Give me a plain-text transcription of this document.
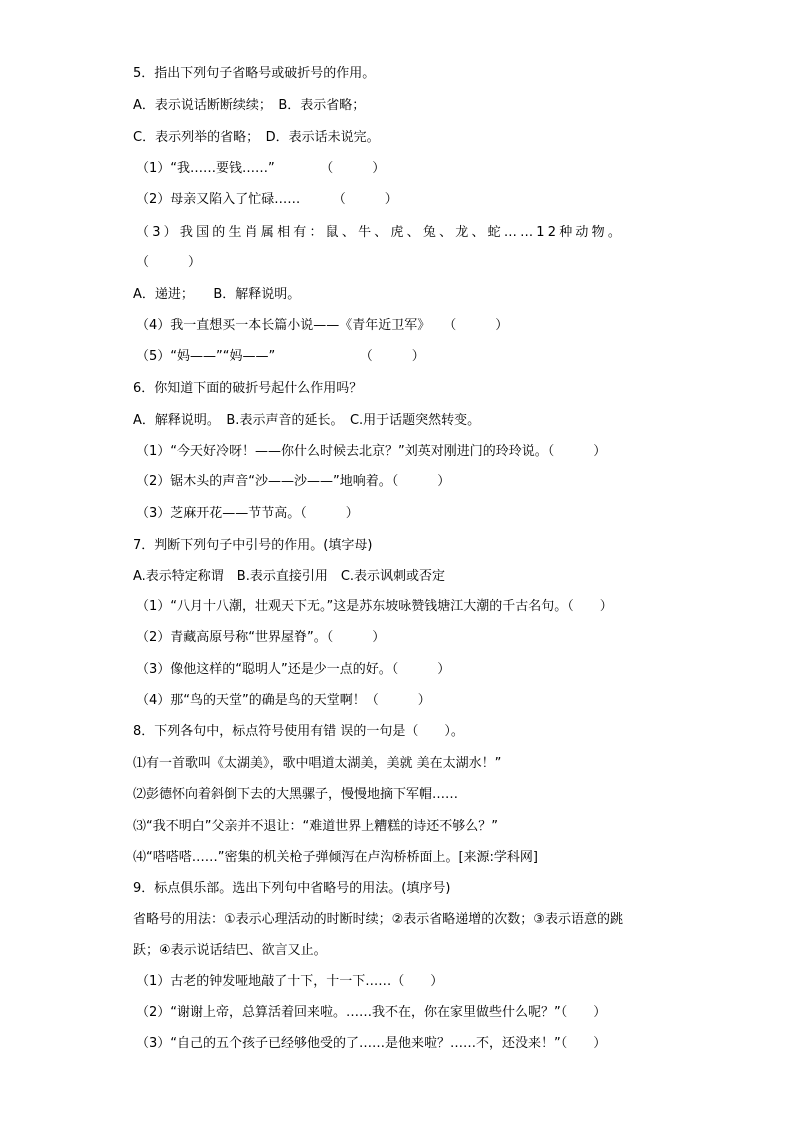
5．指出下列句子省略号或破折号的作用。
A．表示说话断断续续；　B．表示省略；
C．表示列举的省略；　D．表示话未说完。
（1）“我……要钱……”　　　　（　　　）
（2）母亲又陷入了忙碌……　　　（　　　）
（3）我国的生肖属相有：鼠、牛、虎、兔、龙、蛇……12种动物。
（　　　）
A．递进；　　B．解释说明。
（4）我一直想买一本长篇小说——《青年近卫军》　　（　　　）
（5）“妈——”“妈——”　　　　　　　（　　　）
6．你知道下面的破折号起什么作用吗？
A．解释说明。　B.表示声音的延长。　C.用于话题突然转变。
（1）“今天好冷呀！——你什么时候去北京？”刘英对刚进门的玲玲说。（　　　）
（2）锯木头的声音“沙——沙——”地响着。（　　　）
（3）芝麻开花——节节高。（　　　）
7．判断下列句子中引号的作用。(填字母)
A.表示特定称谓　B.表示直接引用　C.表示讽刺或否定
（1）“八月十八潮，壮观天下无。”这是苏东坡咏赞钱塘江大潮的千古名句。（　　）
（2）青藏高原号称“世界屋脊”。（　　　）
（3）像他这样的“聪明人”还是少一点的好。（　　　）
（4）那“鸟的天堂”的确是鸟的天堂啊！（　　　）
8．下列各句中，标点符号使用有错 误的一句是（　　）。
⑴有一首歌叫《太湖美》，歌中唱道太湖美，美就 美在太湖水！”
⑵彭德怀向着斜倒下去的大黑骡子，慢慢地摘下军帽……
⑶“我不明白”父亲并不退让：“难道世界上糟糕的诗还不够么？”
⑷“嗒嗒嗒……”密集的机关枪子弹倾泻在卢沟桥桥面上。[来源:学科网]
9．标点俱乐部。选出下列句中省略号的用法。(填序号)
省略号的用法：①表示心理活动的时断时续；②表示省略递增的次数；③表示语意的跳
跃；④表示说话结巴、欲言又止。
（1）古老的钟发哑地敲了十下，十一下……（　　）
（2）“谢谢上帝，总算活着回来啦。……我不在，你在家里做些什么呢？”（　　）
（3）“自己的五个孩子已经够他受的了……是他来啦？……不，还没来！”（　　）
